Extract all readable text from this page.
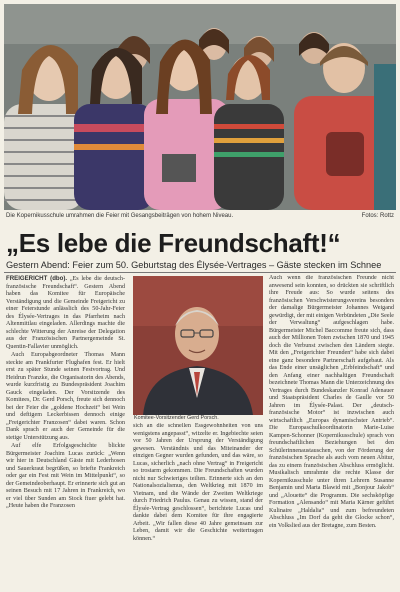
Die Kopernikusschule umrahmen die Feier mit Gesangsbeiträgen von hohem Niveau.	Fotos: Rottz
„Es lebe die Freundschaft!“
Gestern Abend: Feier zum 50. Geburtstag des Élysée-Vertrages – Gäste stecken im Schnee

FREIGERICHT (dbo). „Es lebe die deutsch-französische Freundschaft“. Gestern Abend haben das Komitee für Europäische Verständigung und die Gemeinde Freigericht zu einer Feierstunde anlässlich des 50-Jahr-Feier des Élysée-Vertrages in das Pfarrheim nach Altenmittlau eingeladen. Allerdings machte die schlechte Witterung der Anreise der Delegation aus der Französischen Partnergemeinde St. Quentin-Fallavier unmöglich.

Auch Europabgeordneter Thomas Mann steckte am Frankfurter Flughafen fest. Er hielt erst zu später Stunde seinen Festvortrag. Und Heidrun Franzke, die Organisatorin des Abends, wurde kurzfristig zu Bundespräsident Joachim Gauck eingeladen. Der Vorsitzende des Komitees, Dr. Gerd Porsch, freute sich dennoch bei der Feier die „goldene Hochzeit“ bei Wein und deftigem Leckerbissen dennoch einige „Freigerichter Franzosen“ dabei waren. Schon Dank sprach er auch der Gemeinde für die stetige Unterstützung aus.

Auf elfe Erfolgsgeschichte blickte Bürgermeister Joachim Lucas zurück: „Wenn wir hier in Deutschland Gäste mit Lederhosen und Sauerkraut begrüßen, so briefte Frankreich oder gar ein Fest mit Wein im Mittelpunkt“, so der Gemeindeoberhaupt. Er erinnerte sich gut an seinen Besuch mit 17 Jahren in Frankreich, wo er viel über Sunden am Stock fiuer gelebt hat. „Heute haben die Franzosen

Komitee-Vorsitzender Gerd Porsch.

sich an die schnellen Essgewohnheiten von uns wenigstens angepasst“, witzelte er. Ingebiechte seien vor 50 Jahren der Ursprung der Verständigung gewesen. Verständnis und das Miteinander der einzigen Gegner wurden gefunden, und das wäre, so Lucas, sicherlich „nach ohne Vertrag“ in Freigericht so trostarm gekommen. Die Freundschaften wurden nicht nur Schwieriges teilten. Erinnerte sich an den Nationalsozialismus, den Weltkrieg mit 1870 im Vietnam, und die Wände der Zweiten Weltkriege durch Friedrich Paulus. Genau zu wissen, stand der Élysée-Vertrag geschlossen“, berichtete Lucas und dankte dabei dem Komitee für ihre engagierte Arbeit. „Wir fallen diese 40 Jahre gemeinsam zur Leben, damit wir die Geschichte weitertragen können.“

Auch wenn die französischen Freunde nicht anwesend sein konnten, so drückten sie schriftlich ihre Freude aus: So wurde seitens des französischen Verschwisterungsvereins besonders der damalige Bürgermeister Johannes Weigand gewürdigt, der mit einigen Verbündeten „Die Seele der Verwaltung“ aufgeschlagen habe. Bürgermeister Michel Baccomme freute sich, dass auch der Millionen Toten zwischen 1870 und 1945 doch die Verbunst zwischen den Ländern siegte. Mit den „Freigerichter Freunden“ habe sich dabei eine ganz besondere Partnerschaft aufgebaut. Als das Ende einer unsäglichen „Erbfeindschaft“ und den Anfang einer nachhaltigen Freundschaft bezeichnete Thomas Mann die Unterzeichnung des Vertrages durch Bundeskanzler Konrad Adenauer und Staatspräsident Charles de Gaulle vor 50 Jahren im Élysée-Palast. Der „deutsch-französische Motor“ ist inzwischen auch wirtschaftlich „Europas dynamischster Antrieb“. Die Europaschulkoordinatorin Marie-Luise Kampen-Schonner (Kopernikusschule) sprach von freundschaftlichen Beziehungen bei den Schülerinnenaustauschen, von der Förderung der französischen Sprache als auch vom neuen Abitur, das zu einem französischen Abschluss ermöglicht. Musikalisch umrahmte die rechte Klasse der Kopernikusschule unter ihren Lehrern Susanne Benjamin und Marta Blawid mit „Bonjour Jakob“ und „Alouette“ die Programm. Die sechsköpfige Formation „Alensando“ mit Maria Kärner geführt Kulinaire „Haldalia“ und zum befreundeten Abschluss „Im Dorf da geht die Glocke schon“, ein Volkslied aus der Bretagne, zum Besten.
